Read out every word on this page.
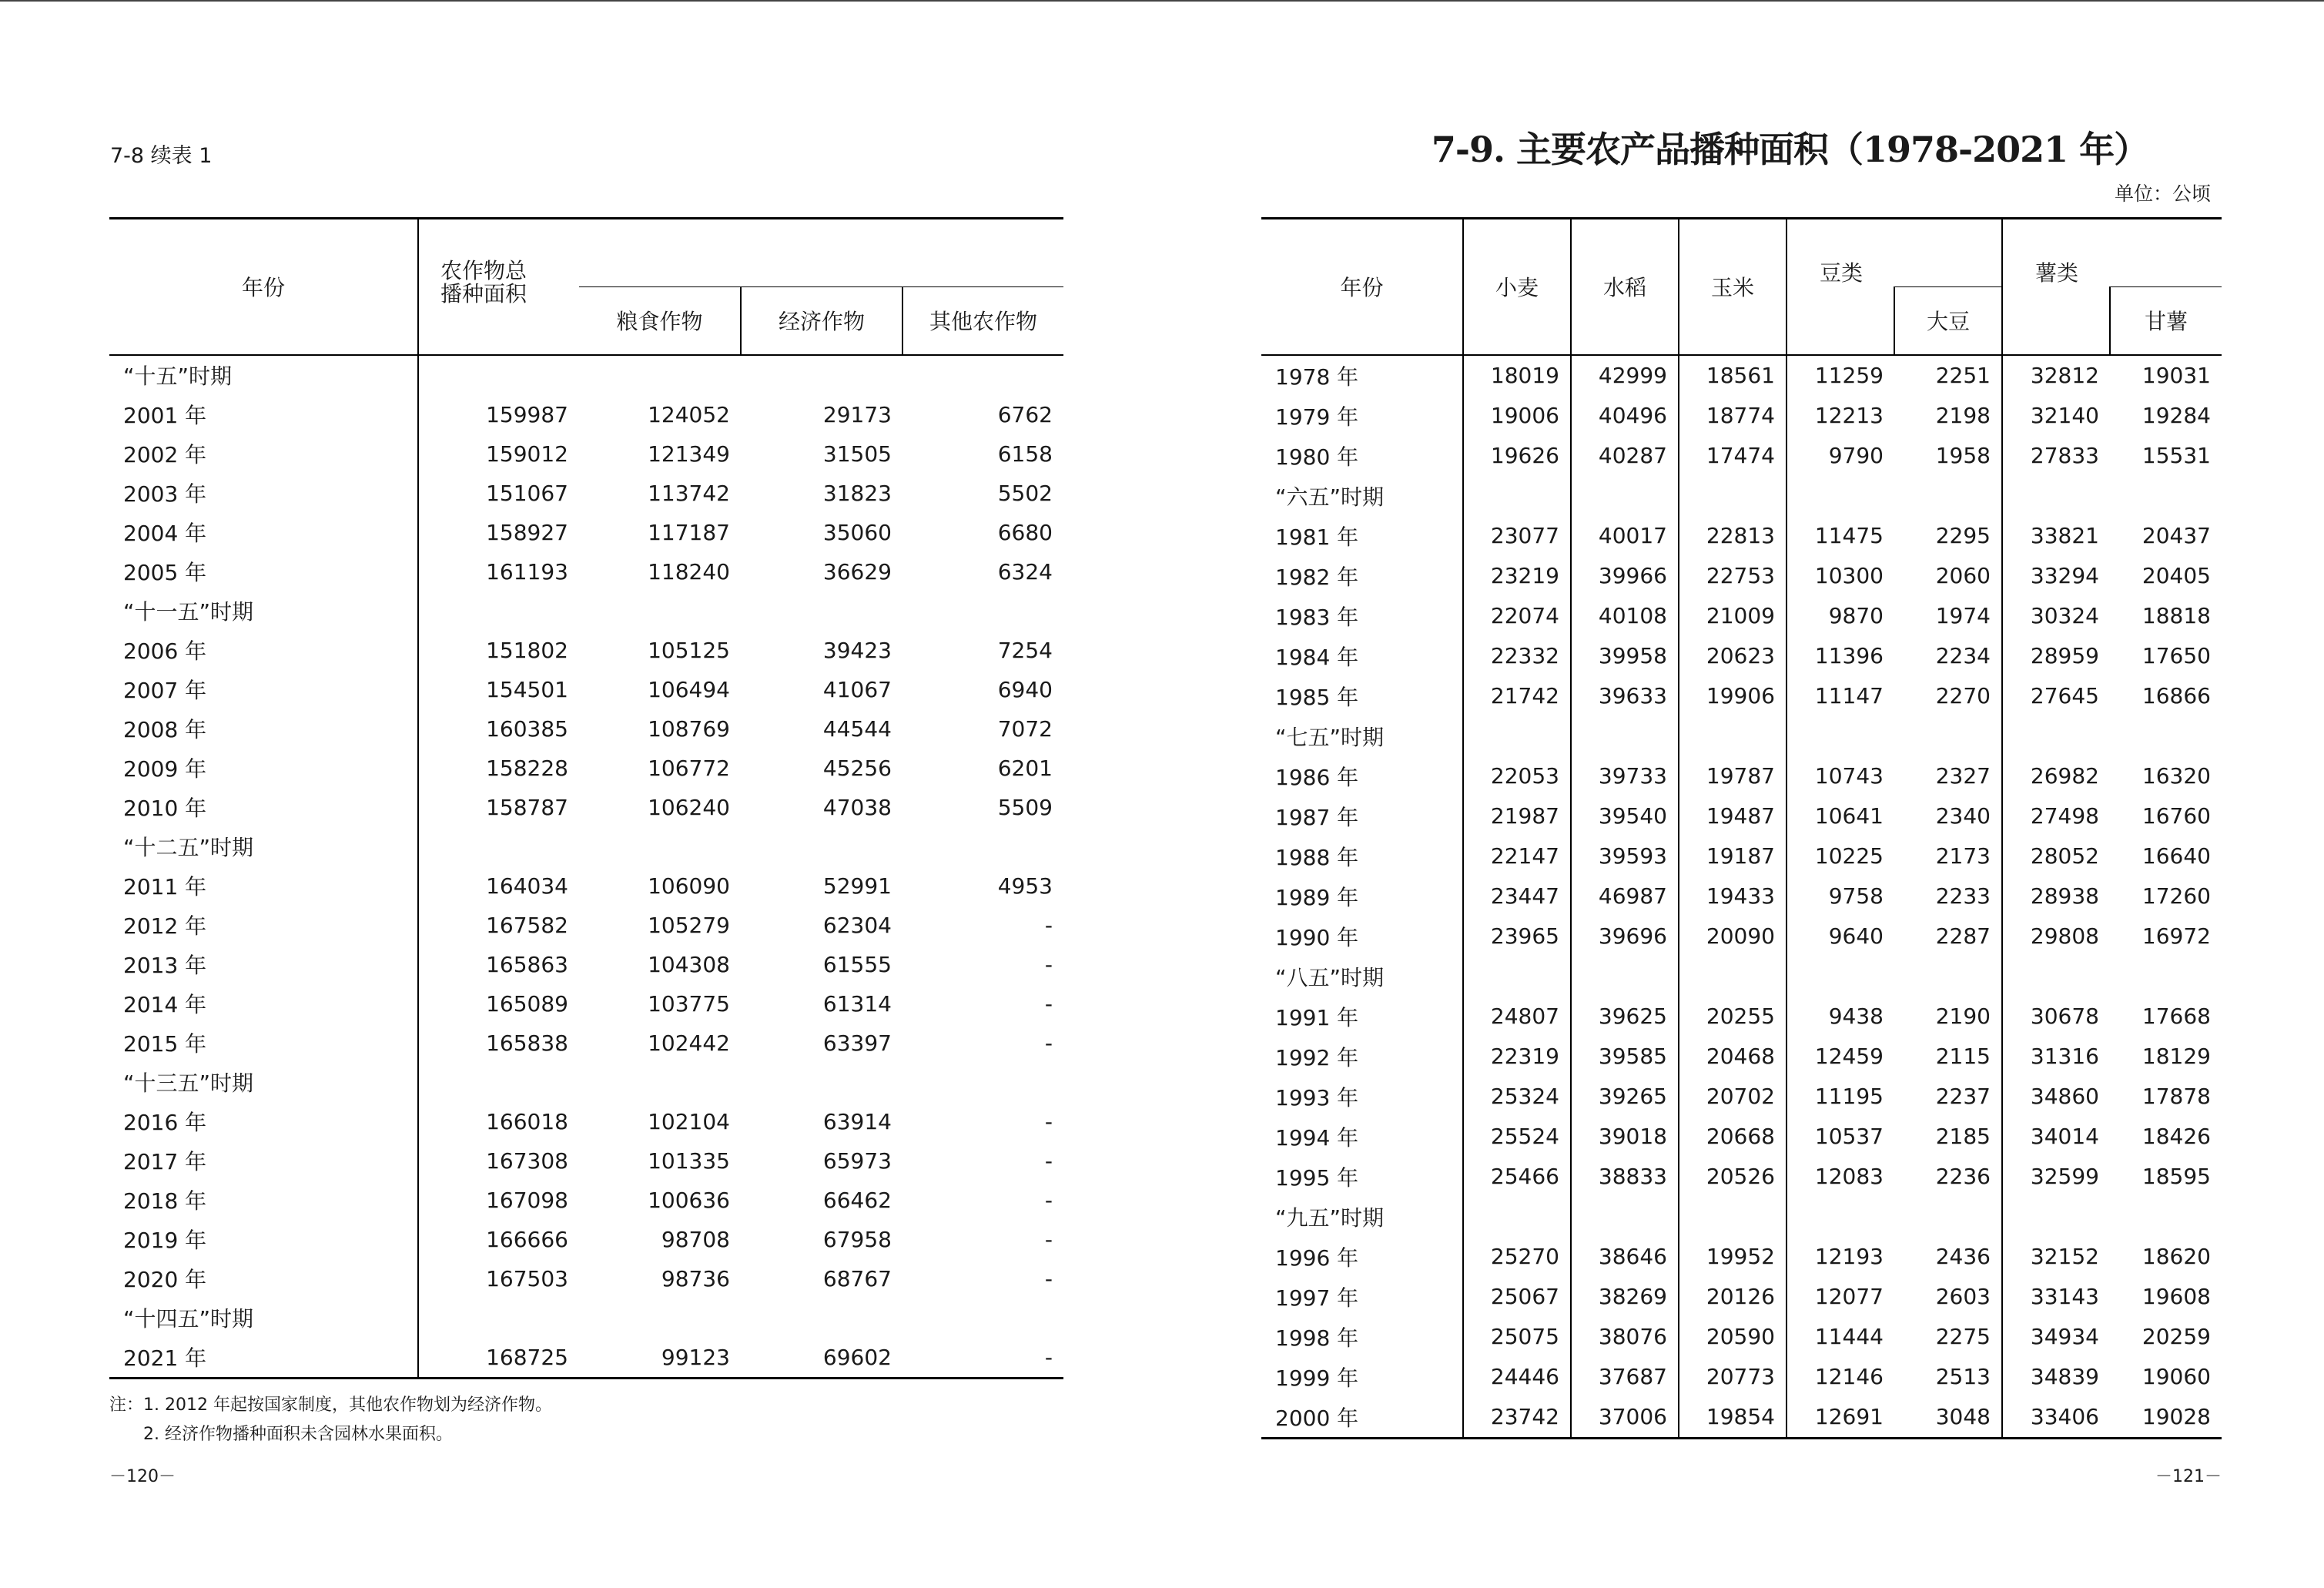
7-8 续表 1
年份	农作物总
播种面积			
		粮食作物	经济作物	其他农作物
“十五”时期				
2001 年	159987	124052	29173	6762
2002 年	159012	121349	31505	6158
2003 年	151067	113742	31823	5502
2004 年	158927	117187	35060	6680
2005 年	161193	118240	36629	6324
“十一五”时期				
2006 年	151802	105125	39423	7254
2007 年	154501	106494	41067	6940
2008 年	160385	108769	44544	7072
2009 年	158228	106772	45256	6201
2010 年	158787	106240	47038	5509
“十二五”时期				
2011 年	164034	106090	52991	4953
2012 年	167582	105279	62304	-
2013 年	165863	104308	61555	-
2014 年	165089	103775	61314	-
2015 年	165838	102442	63397	-
“十三五”时期				
2016 年	166018	102104	63914	-
2017 年	167308	101335	65973	-
2018 年	167098	100636	66462	-
2019 年	166666	98708	67958	-
2020 年	167503	98736	68767	-
“十四五”时期				
2021 年	168725	99123	69602	-
注：1. 2012 年起按国家制度，其他农作物划为经济作物。
2. 经济作物播种面积未含园林水果面积。
－120－
7-9. 主要农产品播种面积（1978-2021 年）
单位：公顷
年份	小麦	水稻	玉米	豆类		薯类	
					大豆		甘薯
1978 年	18019	42999	18561	11259	2251	32812	19031
1979 年	19006	40496	18774	12213	2198	32140	19284
1980 年	19626	40287	17474	9790	1958	27833	15531
“六五”时期							
1981 年	23077	40017	22813	11475	2295	33821	20437
1982 年	23219	39966	22753	10300	2060	33294	20405
1983 年	22074	40108	21009	9870	1974	30324	18818
1984 年	22332	39958	20623	11396	2234	28959	17650
1985 年	21742	39633	19906	11147	2270	27645	16866
“七五”时期							
1986 年	22053	39733	19787	10743	2327	26982	16320
1987 年	21987	39540	19487	10641	2340	27498	16760
1988 年	22147	39593	19187	10225	2173	28052	16640
1989 年	23447	46987	19433	9758	2233	28938	17260
1990 年	23965	39696	20090	9640	2287	29808	16972
“八五”时期							
1991 年	24807	39625	20255	9438	2190	30678	17668
1992 年	22319	39585	20468	12459	2115	31316	18129
1993 年	25324	39265	20702	11195	2237	34860	17878
1994 年	25524	39018	20668	10537	2185	34014	18426
1995 年	25466	38833	20526	12083	2236	32599	18595
“九五”时期							
1996 年	25270	38646	19952	12193	2436	32152	18620
1997 年	25067	38269	20126	12077	2603	33143	19608
1998 年	25075	38076	20590	11444	2275	34934	20259
1999 年	24446	37687	20773	12146	2513	34839	19060
2000 年	23742	37006	19854	12691	3048	33406	19028
－121－
